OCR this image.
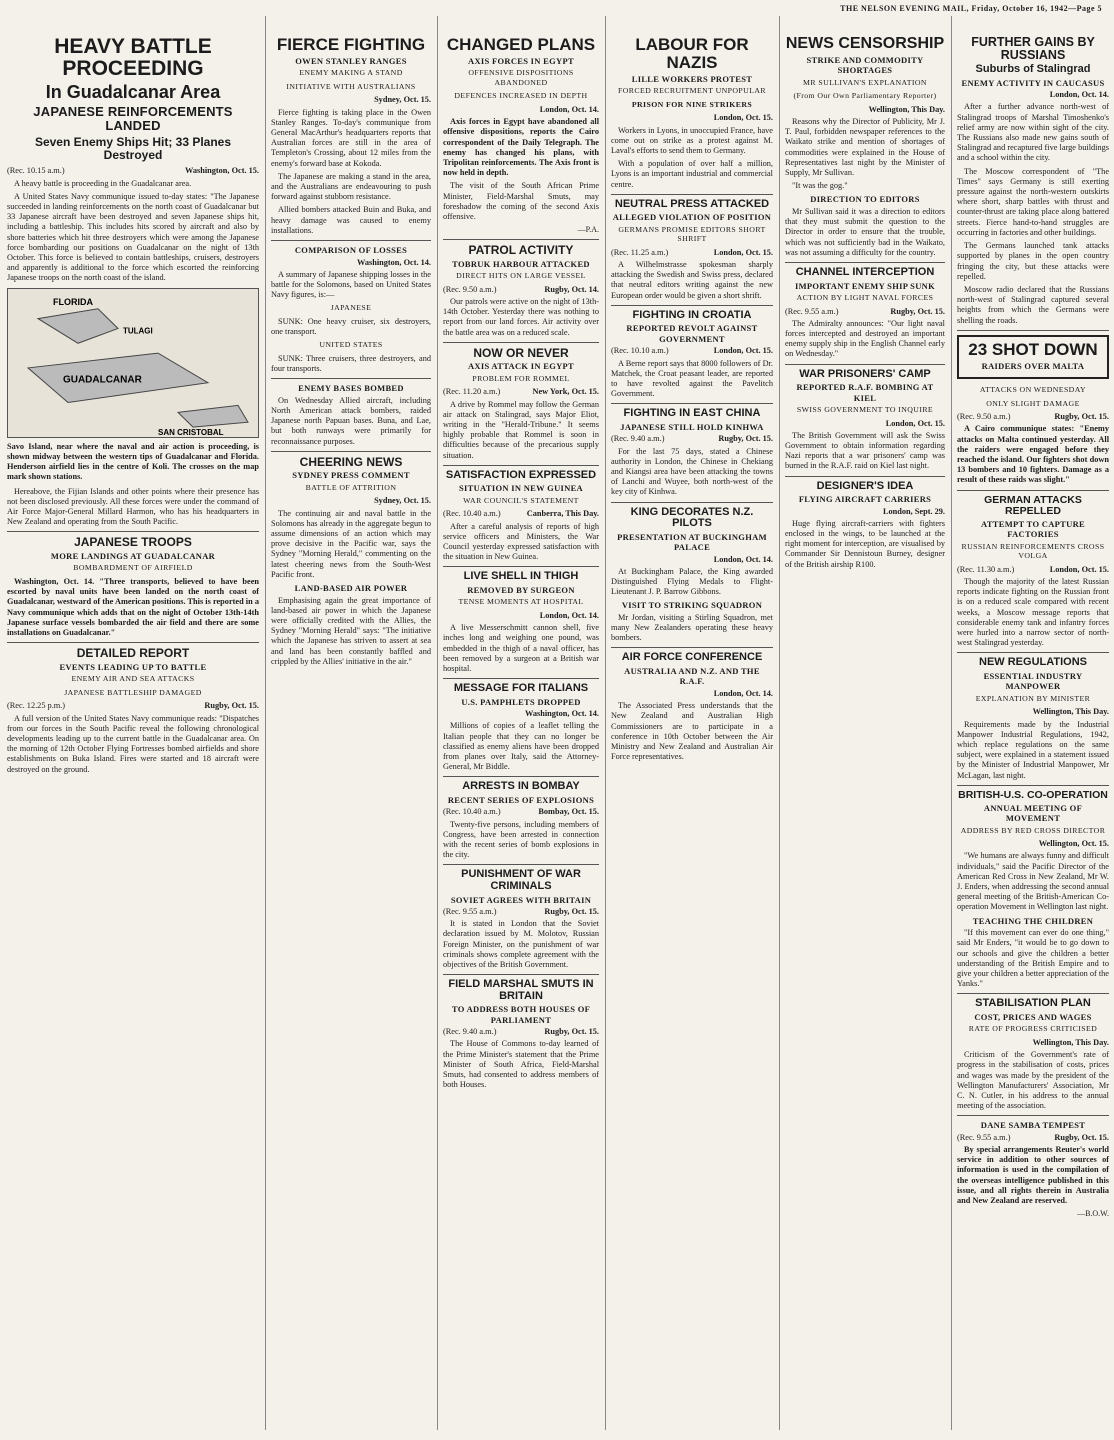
THE NELSON EVENING MAIL, Friday, October 16, 1942—Page 5
HEAVY BATTLE PROCEEDING
In Guadalcanar Area
JAPANESE REINFORCEMENTS LANDED
Seven Enemy Ships Hit; 33 Planes Destroyed
(Rec. 10.15 a.m.)	Washington, Oct. 15.

A heavy battle is proceeding in the Guadalcanar area.

A United States Navy communique issued to-day states: "The Japanese succeeded in landing reinforcements on the north coast of Guadalcanar but 33 Japanese aircraft have been destroyed and seven Japanese ships hit, including a battleship. This includes hits scored by aircraft and also by shore batteries which hit three destroyers which were among the Japanese force bombarding our positions on Guadalcanar on the night of 13th October. This force is believed to contain battleships, cruisers, destroyers and apparently is additional to the force which escorted the reinforcing Japanese troops on the north coast of the island.

FLORIDA
TULAGI
GUADALCANAR
SAN CRISTOBAL
Savo Island, near where the naval and air action is proceeding, is shown midway between the western tips of Guadalcanar and Florida. Henderson airfield lies in the centre of Koli. The crosses on the map mark shown stations.

Hereabove, the Fijian Islands and other points where their presence has not been disclosed previously. All these forces were under the command of Air Force Major-General Millard Harmon, who has his headquarters in New Zealand and operating from the South Pacific.

JAPANESE TROOPS
MORE LANDINGS AT GUADALCANAR
BOMBARDMENT OF AIRFIELD

Washington, Oct. 14. "Three transports, believed to have been escorted by naval units have been landed on the north coast of Guadalcanar, westward of the American positions. This is reported in a Navy communique which adds that on the night of October 13th-14th Japanese surface vessels bombarded the air field and there are some installations on Guadalcanar."

DETAILED REPORT
EVENTS LEADING UP TO BATTLE
ENEMY AIR AND SEA ATTACKS
JAPANESE BATTLESHIP DAMAGED
(Rec. 12.25 p.m.)	Rugby, Oct. 15.

A full version of the United States Navy communique reads: "Dispatches from our forces in the South Pacific reveal the following chronological developments leading up to the current battle in the Guadalcanar area. On the morning of 12th October Flying Fortresses bombed airfields and shore establishments on Buka Island. Fires were started and 18 aircraft were destroyed on the ground.

FIERCE FIGHTING
OWEN STANLEY RANGES
ENEMY MAKING A STAND
INITIATIVE WITH AUSTRALIANS
Sydney, Oct. 15.

Fierce fighting is taking place in the Owen Stanley Ranges. To-day's communique from General MacArthur's headquarters reports that Australian forces are still in the area of Templeton's Crossing, about 12 miles from the enemy's forward base at Kokoda.

The Japanese are making a stand in the area, and the Australians are endeavouring to push forward against stubborn resistance.

Allied bombers attacked Buin and Buka, and heavy damage was caused to enemy installations.

COMPARISON OF LOSSES
Washington, Oct. 14.

A summary of Japanese shipping losses in the battle for the Solomons, based on United States Navy figures, is:—

JAPANESE

SUNK: One heavy cruiser, six destroyers, one transport.

UNITED STATES

SUNK: Three cruisers, three destroyers, and four transports.

ENEMY BASES BOMBED

On Wednesday Allied aircraft, including North American attack bombers, raided Japanese north Papuan bases. Buna, and Lae, but both runways were primarily for reconnaissance purposes.

CHEERING NEWS
SYDNEY PRESS COMMENT
BATTLE OF ATTRITION
Sydney, Oct. 15.

The continuing air and naval battle in the Solomons has already in the aggregate begun to assume dimensions of an action which may prove decisive in the Pacific war, says the Sydney "Morning Herald," commenting on the latest cheering news from the South-West Pacific front.

LAND-BASED AIR POWER

Emphasising again the great importance of land-based air power in which the Japanese were officially credited with the Allies, the Sydney "Morning Herald" says: "The initiative which the Japanese has striven to assert at sea and land has been constantly baffled and crippled by the Allies' initiative in the air."

CHANGED PLANS
AXIS FORCES IN EGYPT
OFFENSIVE DISPOSITIONS ABANDONED
DEFENCES INCREASED IN DEPTH
London, Oct. 14.

Axis forces in Egypt have abandoned all offensive dispositions, reports the Cairo correspondent of the Daily Telegraph. The enemy has changed his plans, with Tripolitan reinforcements. The Axis front is now held in depth.

The visit of the South African Prime Minister, Field-Marshal Smuts, may foreshadow the coming of the second Axis offensive.

—P.A.
PATROL ACTIVITY
TOBRUK HARBOUR ATTACKED
DIRECT HITS ON LARGE VESSEL
(Rec. 9.50 a.m.)	Rugby, Oct. 14.

Our patrols were active on the night of 13th-14th October. Yesterday there was nothing to report from our land forces. Air activity over the battle area was on a reduced scale.

NOW OR NEVER
AXIS ATTACK IN EGYPT
PROBLEM FOR ROMMEL
(Rec. 11.20 a.m.)	New York, Oct. 15.

A drive by Rommel may follow the German air attack on Stalingrad, says Major Eliot, writing in the "Herald-Tribune." It seems highly probable that Rommel is soon in difficulties because of the precarious supply situation.

SATISFACTION EXPRESSED
SITUATION IN NEW GUINEA
WAR COUNCIL'S STATEMENT
(Rec. 10.40 a.m.)	Canberra, This Day.

After a careful analysis of reports of high service officers and Ministers, the War Council yesterday expressed satisfaction with the situation in New Guinea.

LIVE SHELL IN THIGH
REMOVED BY SURGEON
TENSE MOMENTS AT HOSPITAL
London, Oct. 14.

A live Messerschmitt cannon shell, five inches long and weighing one pound, was embedded in the thigh of a naval officer, has been removed by a surgeon at a British war hospital.

MESSAGE FOR ITALIANS
U.S. PAMPHLETS DROPPED
Washington, Oct. 14.

Millions of copies of a leaflet telling the Italian people that they can no longer be classified as enemy aliens have been dropped from planes over Italy, said the Attorney-General, Mr Biddle.

ARRESTS IN BOMBAY
RECENT SERIES OF EXPLOSIONS
(Rec. 10.40 a.m.)	Bombay, Oct. 15.

Twenty-five persons, including members of Congress, have been arrested in connection with the recent series of bomb explosions in the city.

PUNISHMENT OF WAR CRIMINALS
SOVIET AGREES WITH BRITAIN
(Rec. 9.55 a.m.)	Rugby, Oct. 15.

It is stated in London that the Soviet declaration issued by M. Molotov, Russian Foreign Minister, on the punishment of war criminals shows complete agreement with the objectives of the British Government.

FIELD MARSHAL SMUTS IN BRITAIN
TO ADDRESS BOTH HOUSES OF PARLIAMENT
(Rec. 9.40 a.m.)	Rugby, Oct. 15.

The House of Commons to-day learned of the Prime Minister's statement that the Prime Minister of South Africa, Field-Marshal Smuts, had consented to address members of both Houses.

LABOUR FOR NAZIS
LILLE WORKERS PROTEST
FORCED RECRUITMENT UNPOPULAR
PRISON FOR NINE STRIKERS
London, Oct. 15.

Workers in Lyons, in unoccupied France, have come out on strike as a protest against M. Laval's efforts to send them to Germany.

With a population of over half a million, Lyons is an important industrial and commercial centre.

NEUTRAL PRESS ATTACKED
ALLEGED VIOLATION OF POSITION
GERMANS PROMISE EDITORS SHORT SHRIFT
(Rec. 11.25 a.m.)	London, Oct. 15.

A Wilhelmstrasse spokesman sharply attacking the Swedish and Swiss press, declared that neutral editors writing against the new European order would be given a short shrift.

FIGHTING IN CROATIA
REPORTED REVOLT AGAINST GOVERNMENT
(Rec. 10.10 a.m.)	London, Oct. 15.

A Berne report says that 8000 followers of Dr. Matchek, the Croat peasant leader, are reported to have revolted against the Pavelitch Government.

FIGHTING IN EAST CHINA
JAPANESE STILL HOLD KINHWA
(Rec. 9.40 a.m.)	Rugby, Oct. 15.

For the last 75 days, stated a Chinese authority in London, the Chinese in Chekiang and Kiangsi area have been attacking the towns of Lanchi and Wuyee, both north-west of the key city of Kinhwa.

KING DECORATES N.Z. PILOTS
PRESENTATION AT BUCKINGHAM PALACE
London, Oct. 14.

At Buckingham Palace, the King awarded Distinguished Flying Medals to Flight-Lieutenant J. P. Barrow Gibbons.

VISIT TO STRIKING SQUADRON

Mr Jordan, visiting a Stirling Squadron, met many New Zealanders operating these heavy bombers.

AIR FORCE CONFERENCE
AUSTRALIA AND N.Z. AND THE R.A.F.
London, Oct. 14.

The Associated Press understands that the New Zealand and Australian High Commissioners are to participate in a conference in 10th October between the Air Ministry and New Zealand and Australian Air Force representatives.

NEWS CENSORSHIP
STRIKE AND COMMODITY SHORTAGES
MR SULLIVAN'S EXPLANATION
(From Our Own Parliamentary Reporter)
Wellington, This Day.

Reasons why the Director of Publicity, Mr J. T. Paul, forbidden newspaper references to the Waikato strike and mention of shortages of commodities were explained in the House of Representatives last night by the Minister of Supply, Mr Sullivan.

"It was the gog."

DIRECTION TO EDITORS

Mr Sullivan said it was a direction to editors that they must submit the question to the Director in order to ensure that the trouble, which was not sufficiently bad in the Waikato, was not assuming a difficulty for the country.

CHANNEL INTERCEPTION
IMPORTANT ENEMY SHIP SUNK
ACTION BY LIGHT NAVAL FORCES
(Rec. 9.55 a.m.)	Rugby, Oct. 15.

The Admiralty announces: "Our light naval forces intercepted and destroyed an important enemy supply ship in the English Channel early on Wednesday."

WAR PRISONERS' CAMP
REPORTED R.A.F. BOMBING AT KIEL
SWISS GOVERNMENT TO INQUIRE
London, Oct. 15.

The British Government will ask the Swiss Government to obtain information regarding Nazi reports that a war prisoners' camp was burned in the R.A.F. raid on Kiel last night.

DESIGNER'S IDEA
FLYING AIRCRAFT CARRIERS
London, Sept. 29.

Huge flying aircraft-carriers with fighters enclosed in the wings, to be launched at the right moment for interception, are visualised by Commander Sir Dennistoun Burney, designer of the British airship R100.

FURTHER GAINS BY RUSSIANS
Suburbs of Stalingrad
ENEMY ACTIVITY IN CAUCASUS
London, Oct. 14.

After a further advance north-west of Stalingrad troops of Marshal Timoshenko's relief army are now within sight of the city. The Russians also made new gains south of Stalingrad and recaptured five large buildings and a school within the city.

The Moscow correspondent of "The Times" says Germany is still exerting pressure against the north-western outskirts where short, sharp battles with thrust and counter-thrust are taking place along battered streets. Fierce hand-to-hand struggles are occurring in factories and other buildings.

The Germans launched tank attacks supported by planes in the open country fringing the city, but these attacks were repelled.

Moscow radio declared that the Russians north-west of Stalingrad captured several heights from which the Germans were shelling the roads.

23 SHOT DOWN
RAIDERS OVER MALTA
ATTACKS ON WEDNESDAY
ONLY SLIGHT DAMAGE
(Rec. 9.50 a.m.)	Rugby, Oct. 15.

A Cairo communique states: "Enemy attacks on Malta continued yesterday. All the raiders were engaged before they reached the island. Our fighters shot down 13 bombers and 10 fighters. Damage as a result of these raids was slight."

GERMAN ATTACKS REPELLED
ATTEMPT TO CAPTURE FACTORIES
RUSSIAN REINFORCEMENTS CROSS VOLGA
(Rec. 11.30 a.m.)	London, Oct. 15.

Though the majority of the latest Russian reports indicate fighting on the Russian front is on a reduced scale compared with recent weeks, a Moscow message reports that considerable enemy tank and infantry forces were hurled into a narrow sector of north-west Stalingrad yesterday.

NEW REGULATIONS
ESSENTIAL INDUSTRY MANPOWER
EXPLANATION BY MINISTER
Wellington, This Day.

Requirements made by the Industrial Manpower Industrial Regulations, 1942, which replace regulations on the same subject, were explained in a statement issued by the Minister of Industrial Manpower, Mr McLagan, last night.

BRITISH-U.S. CO-OPERATION
ANNUAL MEETING OF MOVEMENT
ADDRESS BY RED CROSS DIRECTOR
Wellington, Oct. 15.

"We humans are always funny and difficult individuals," said the Pacific Director of the American Red Cross in New Zealand, Mr W. J. Enders, when addressing the second annual general meeting of the British-American Co-operation Movement in Wellington last night.

TEACHING THE CHILDREN

"If this movement can ever do one thing," said Mr Enders, "it would be to go down to our schools and give the children a better understanding of the British Empire and to give your children a better appreciation of the Yanks."

STABILISATION PLAN
COST, PRICES AND WAGES
RATE OF PROGRESS CRITICISED
Wellington, This Day.

Criticism of the Government's rate of progress in the stabilisation of costs, prices and wages was made by the president of the Wellington Manufacturers' Association, Mr C. N. Cutler, in his address to the annual meeting of the association.

DANE SAMBA TEMPEST
(Rec. 9.55 a.m.)	Rugby, Oct. 15.

By special arrangements Reuter's world service in addition to other sources of information is used in the compilation of the overseas intelligence published in this issue, and all rights therein in Australia and New Zealand are reserved.

—B.O.W.
